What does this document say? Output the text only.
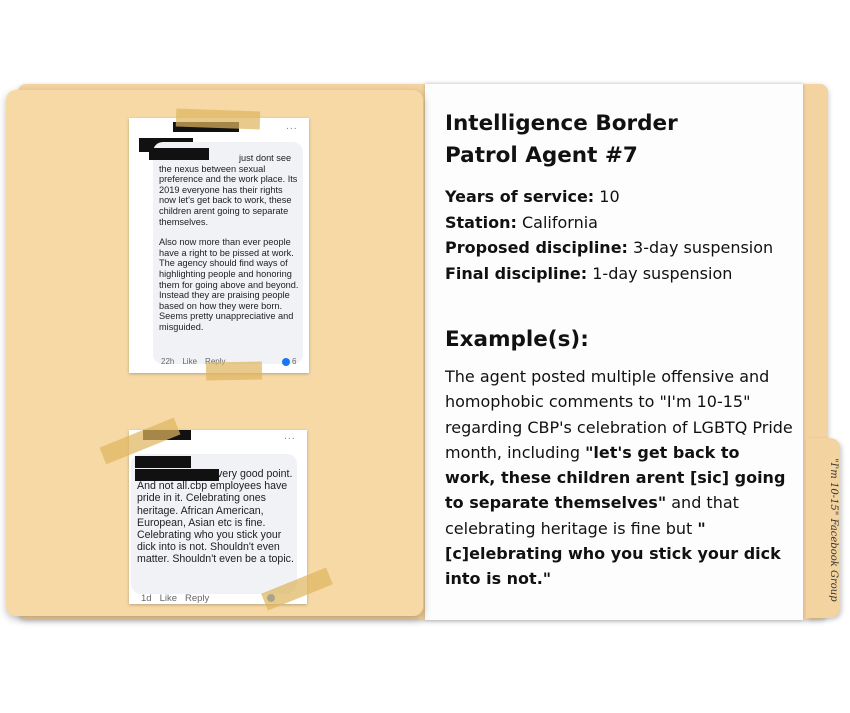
"I'm 10-15" Facebook Group
...

just dont see the nexus between sexual preference and the work place. Its 2019 everyone has their rights now let's get back to work, these children arent going to separate themselves.

Also now more than ever people have a right to be pissed at work. The agency should find ways of highlighting people and honoring them for going above and beyond. Instead they are praising people based on how they were born. Seems pretty unappreciative and misguided.

22h Like	6
...
very good point. And not all.cbp employees have pride in it. Celebrating ones heritage. African American, European, Asian etc is fine. Celebrating who you stick your dick into is not. Shouldn't even matter. Shouldn't even be a topic.
1d Like Reply
Intelligence Border
Patrol Agent #7
Years of service: 10
Station: California
Proposed discipline: 3-day suspension
Final discipline: 1-day suspension
Example(s):
The agent posted multiple offensive and homophobic comments to "I'm 10-15" regarding CBP's celebration of LGBTQ Pride month, including "let's get back to work, these children arent [sic] going to separate themselves" and that celebrating heritage is fine but "[c]elebrating who you stick your dick into is not."
